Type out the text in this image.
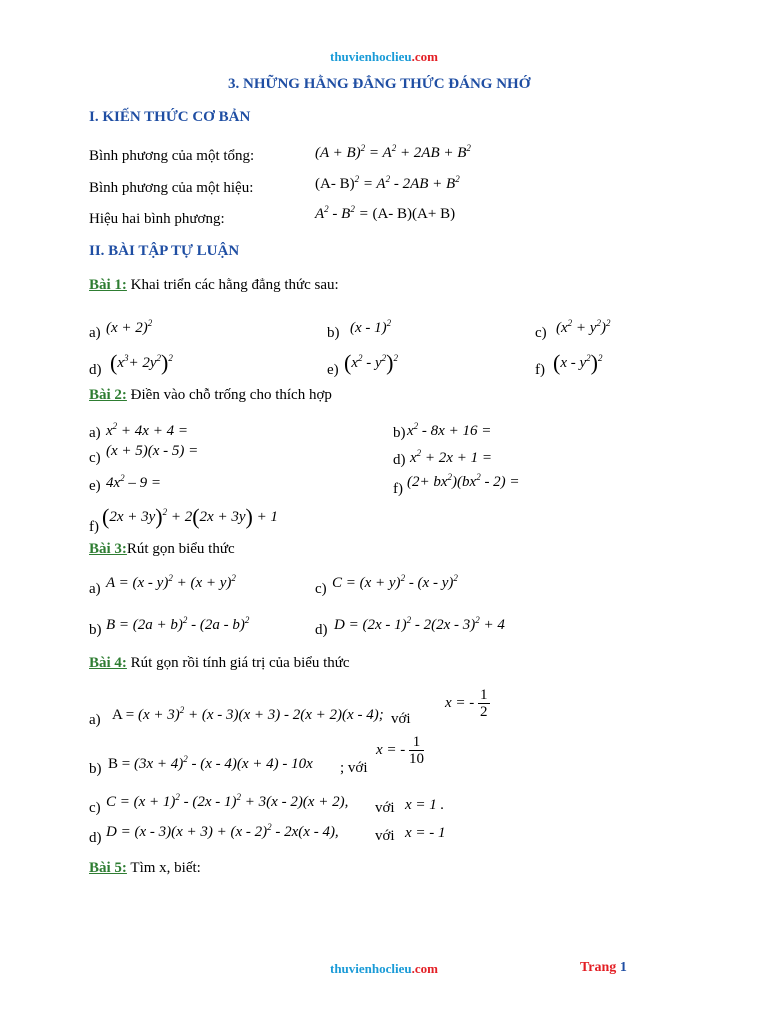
thuvienhoclieu.com
3. NHỮNG HẰNG ĐẲNG THỨC ĐÁNG NHỚ
I. KIẾN THỨC CƠ BẢN
Bình phương của một tổng:	$(A + B)^2 = A^2 + 2AB + B^2$
Bình phương của một hiệu:	(A- $B)^2 = A^2 - 2AB + B^2$
Hiệu hai bình phương:	$A^2 - B^2 = (A-$ B)(A+ B)
II. BÀI TẬP TỰ LUẬN
Bài 1: Khai triển các hằng đẳng thức sau:
a) $(x + 2)^2$
b) (x - 1)$^2$
c) $(x^2 + y^2)^2$
d) $(x^3+ 2y^2)^2$
e) $(x^2 - y^2)^2$
f) $(x - y^2)^2$
Bài 2: Điền vào chỗ trống cho thích hợp
a) $x^2 + 4x + 4$ =	b) $x^2 - 8x + 16$ =
c) (x + 5)(x - 5) =
d) $x^2 + 2x + 1$ =
e) $4x^2 - 9$ =	f) $(2+ bx^2)(bx^2 - 2)$ =
f) $(2x + 3y)^2 + 2(2x + 3y) + 1$
Bài 3:Rút gọn biểu thức
a) $A = (x - y)^2 + (x + y)^2$
c) $C = (x + y)^2 - (x - y)^2$
b) $B = (2a + b)^2 - (2a - b)^2$
d) D = (2x - 1)$^2$ - 2(2x - 3)$^2$ + 4
Bài 4: Rút gọn rồi tính giá trị của biểu thức
a) $A = (x + 3)^2 + (x - 3)(x + 3) - 2(x + 2)(x - 4)$; với
x = - $\frac{1}{2}$
b) $B = (3x + 4)^2 - (x - 4)(x + 4) - 10x$ ; với
x = - $\frac{1}{10}$
c) $C = (x + 1)^2 - (2x - 1)^2 + 3(x - 2)(x + 2)$, với x = 1 .
d) D = (x - 3)(x + 3) + (x - 2)$^2$ - 2x(x - 4), với x = - 1
Bài 5: Tìm x, biết:
thuvienhoclieu.com	Trang 1
